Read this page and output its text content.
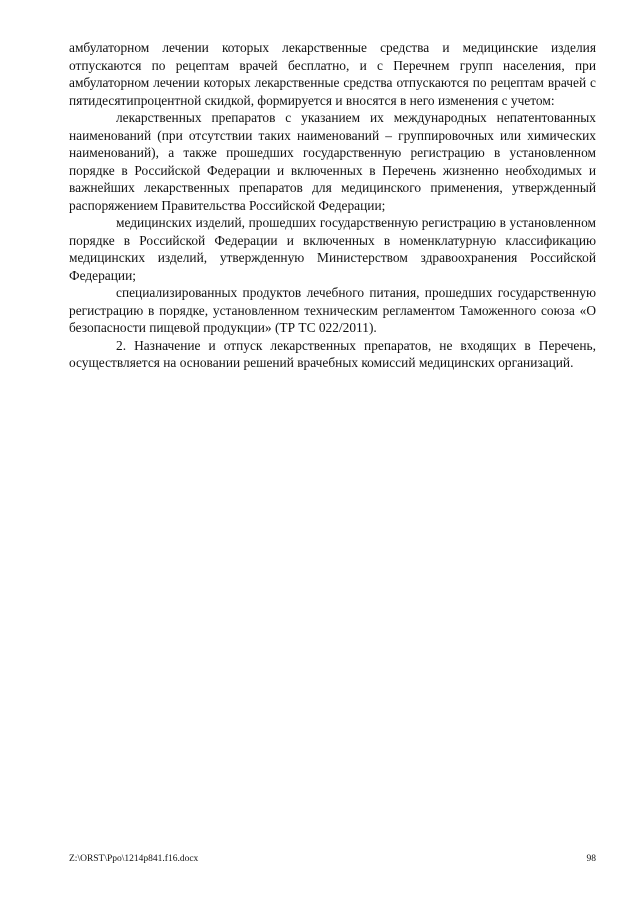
амбулаторном лечении которых лекарственные средства и медицинские изделия отпускаются по рецептам врачей бесплатно, и с Перечнем групп населения, при амбулаторном лечении которых лекарственные средства отпускаются по рецептам врачей с пятидесятипроцентной скидкой, формируется и вносятся в него изменения с учетом:

лекарственных препаратов с указанием их международных непатентованных наименований (при отсутствии таких наименований – группировочных или химических наименований), а также прошедших государственную регистрацию в установленном порядке в Российской Федерации и включенных в Перечень жизненно необходимых и важнейших лекарственных препаратов для медицинского применения, утвержденный распоряжением Правительства Российской Федерации;

медицинских изделий, прошедших государственную регистрацию в установленном порядке в Российской Федерации и включенных в номенклатурную классификацию медицинских изделий, утвержденную Министерством здравоохранения Российской Федерации;

специализированных продуктов лечебного питания, прошедших государственную регистрацию в порядке, установленном техническим регламентом Таможенного союза «О безопасности пищевой продукции» (ТР ТС 022/2011).

2. Назначение и отпуск лекарственных препаратов, не входящих в Перечень, осуществляется на основании решений врачебных комиссий медицинских организаций.

Z:\ORST\Ppo\1214p841.f16.docx	98
